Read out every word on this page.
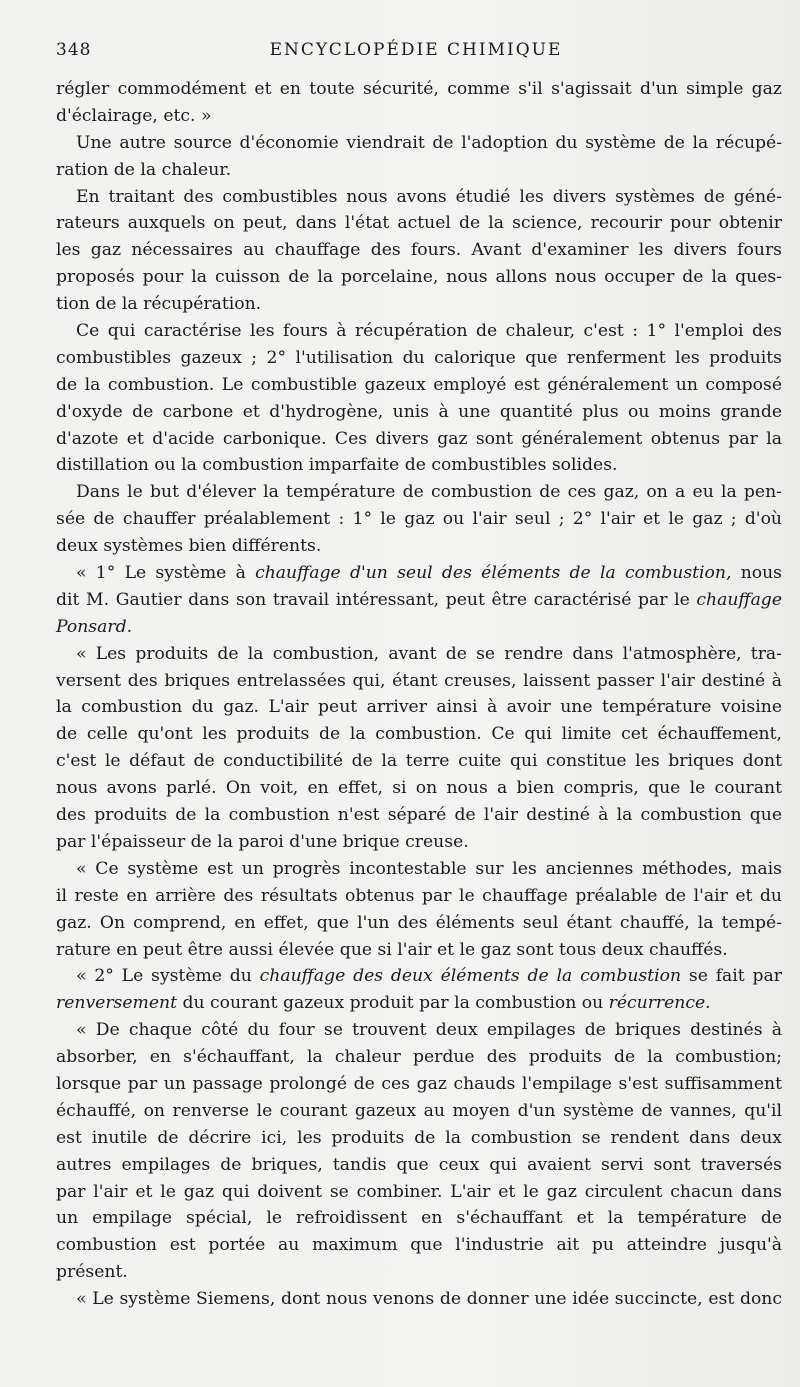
348	ENCYCLOPÉDIE CHIMIQUE
régler commodément et en toute sécurité, comme s'il s'agissait d'un simple gaz
d'éclairage, etc. »
Une autre source d'économie viendrait de l'adoption du système de la récupé-
ration de la chaleur.
En traitant des combustibles nous avons étudié les divers systèmes de géné-
rateurs auxquels on peut, dans l'état actuel de la science, recourir pour obtenir
les gaz nécessaires au chauffage des fours. Avant d'examiner les divers fours
proposés pour la cuisson de la porcelaine, nous allons nous occuper de la ques-
tion de la récupération.
Ce qui caractérise les fours à récupération de chaleur, c'est : 1° l'emploi des
combustibles gazeux ; 2° l'utilisation du calorique que renferment les produits
de la combustion. Le combustible gazeux employé est généralement un composé
d'oxyde de carbone et d'hydrogène, unis à une quantité plus ou moins grande
d'azote et d'acide carbonique. Ces divers gaz sont généralement obtenus par la
distillation ou la combustion imparfaite de combustibles solides.
Dans le but d'élever la température de combustion de ces gaz, on a eu la pen-
sée de chauffer préalablement : 1° le gaz ou l'air seul ; 2° l'air et le gaz ; d'où
deux systèmes bien différents.
« 1° Le système à chauffage d'un seul des éléments de la combustion, nous
dit M. Gautier dans son travail intéressant, peut être caractérisé par le chauffage
Ponsard.
« Les produits de la combustion, avant de se rendre dans l'atmosphère, tra-
versent des briques entrelassées qui, étant creuses, laissent passer l'air destiné à
la combustion du gaz. L'air peut arriver ainsi à avoir une température voisine
de celle qu'ont les produits de la combustion. Ce qui limite cet échauffement,
c'est le défaut de conductibilité de la terre cuite qui constitue les briques dont
nous avons parlé. On voit, en effet, si on nous a bien compris, que le courant
des produits de la combustion n'est séparé de l'air destiné à la combustion que
par l'épaisseur de la paroi d'une brique creuse.
« Ce système est un progrès incontestable sur les anciennes méthodes, mais
il reste en arrière des résultats obtenus par le chauffage préalable de l'air et du
gaz. On comprend, en effet, que l'un des éléments seul étant chauffé, la tempé-
rature en peut être aussi élevée que si l'air et le gaz sont tous deux chauffés.
« 2° Le système du chauffage des deux éléments de la combustion se fait par
renversement du courant gazeux produit par la combustion ou récurrence.
« De chaque côté du four se trouvent deux empilages de briques destinés à
absorber, en s'échauffant, la chaleur perdue des produits de la combustion;
lorsque par un passage prolongé de ces gaz chauds l'empilage s'est suffisamment
échauffé, on renverse le courant gazeux au moyen d'un système de vannes, qu'il
est inutile de décrire ici, les produits de la combustion se rendent dans deux
autres empilages de briques, tandis que ceux qui avaient servi sont traversés
par l'air et le gaz qui doivent se combiner. L'air et le gaz circulent chacun dans
un empilage spécial, le refroidissent en s'échauffant et la température de
combustion est portée au maximum que l'industrie ait pu atteindre jusqu'à
présent.
« Le système Siemens, dont nous venons de donner une idée succincte, est donc
